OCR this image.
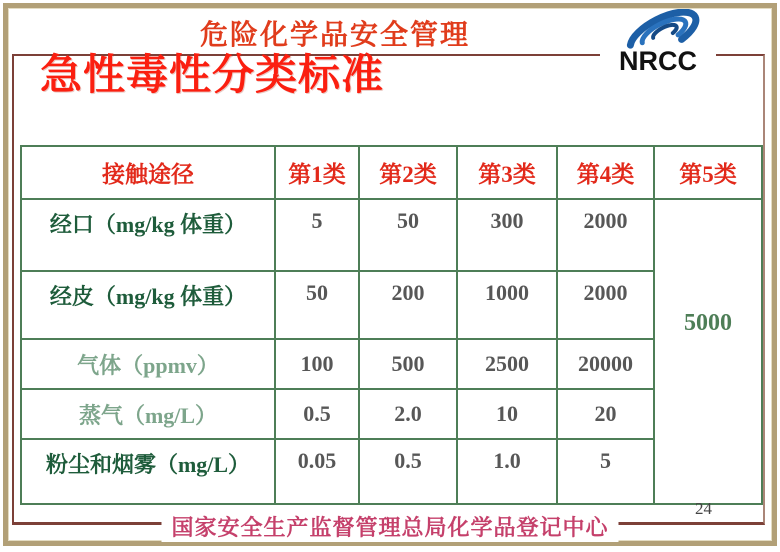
危险化学品安全管理
急性毒性分类标准	NRCC
接触途径	第1类	第2类	第3类	第4类	第5类
经口（mg/kg 体重）	5	50	300	2000	5000
经皮（mg/kg 体重）	50	200	1000	2000	
气体（ppmv）	100	500	2500	20000	
蒸气（mg/L）	0.5	2.0	10	20	
粉尘和烟雾（mg/L）	0.05	0.5	1.0	5	
24
国家安全生产监督管理总局化学品登记中心
